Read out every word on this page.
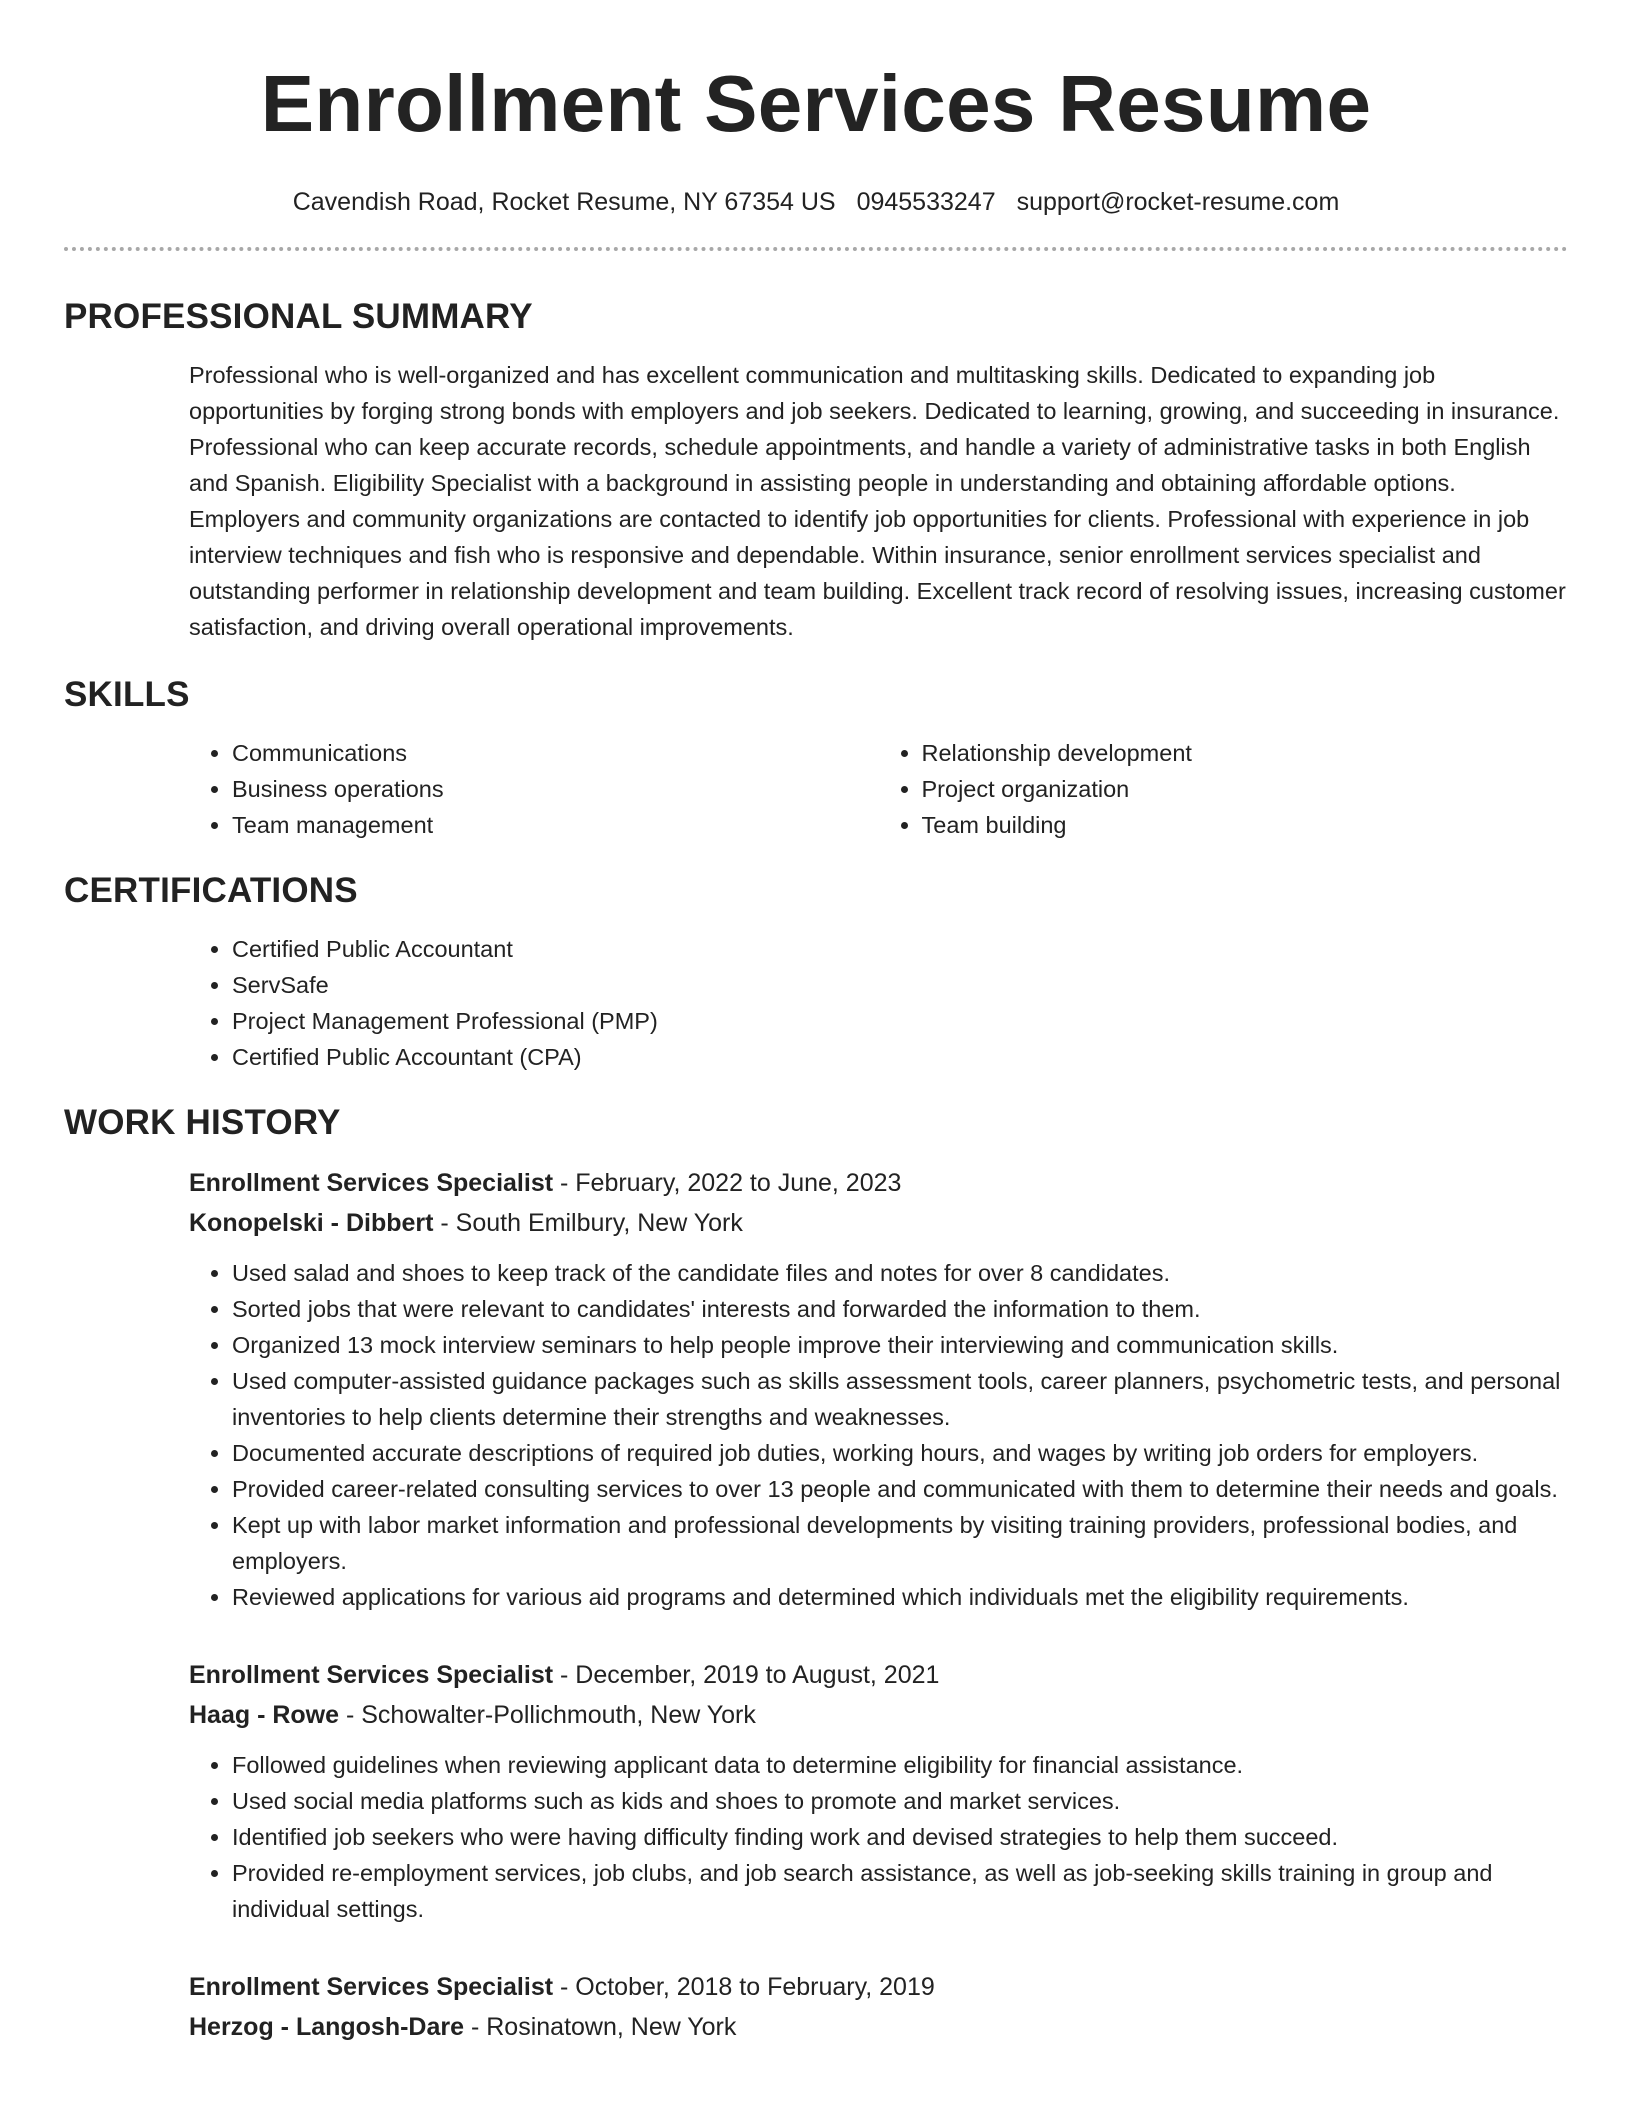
Enrollment Services Resume
Cavendish Road, Rocket Resume, NY 67354 US 0945533247 support@rocket-resume.com
PROFESSIONAL SUMMARY

Professional who is well-organized and has excellent communication and multitasking skills. Dedicated to expanding job opportunities by forging strong bonds with employers and job seekers. Dedicated to learning, growing, and succeeding in insurance. Professional who can keep accurate records, schedule appointments, and handle a variety of administrative tasks in both English and Spanish. Eligibility Specialist with a background in assisting people in understanding and obtaining affordable options. Employers and community organizations are contacted to identify job opportunities for clients. Professional with experience in job interview techniques and fish who is responsive and dependable. Within insurance, senior enrollment services specialist and outstanding performer in relationship development and team building. Excellent track record of resolving issues, increasing customer satisfaction, and driving overall operational improvements.

SKILLS
• Communications
• Business operations
• Team management
• Relationship development
• Project organization
• Team building
CERTIFICATIONS
• Certified Public Accountant
• ServSafe
• Project Management Professional (PMP)
• Certified Public Accountant (CPA)
WORK HISTORY
Enrollment Services Specialist - February, 2022 to June, 2023
Konopelski - Dibbert - South Emilbury, New York
• Used salad and shoes to keep track of the candidate files and notes for over 8 candidates.
• Sorted jobs that were relevant to candidates' interests and forwarded the information to them.
• Organized 13 mock interview seminars to help people improve their interviewing and communication skills.
• Used computer-assisted guidance packages such as skills assessment tools, career planners, psychometric tests, and personal inventories to help clients determine their strengths and weaknesses.
• Documented accurate descriptions of required job duties, working hours, and wages by writing job orders for employers.
• Provided career-related consulting services to over 13 people and communicated with them to determine their needs and goals.
• Kept up with labor market information and professional developments by visiting training providers, professional bodies, and employers.
• Reviewed applications for various aid programs and determined which individuals met the eligibility requirements.
Enrollment Services Specialist - December, 2019 to August, 2021
Haag - Rowe - Schowalter-Pollichmouth, New York
• Followed guidelines when reviewing applicant data to determine eligibility for financial assistance.
• Used social media platforms such as kids and shoes to promote and market services.
• Identified job seekers who were having difficulty finding work and devised strategies to help them succeed.
• Provided re-employment services, job clubs, and job search assistance, as well as job-seeking skills training in group and individual settings.
Enrollment Services Specialist - October, 2018 to February, 2019
Herzog - Langosh-Dare - Rosinatown, New York
